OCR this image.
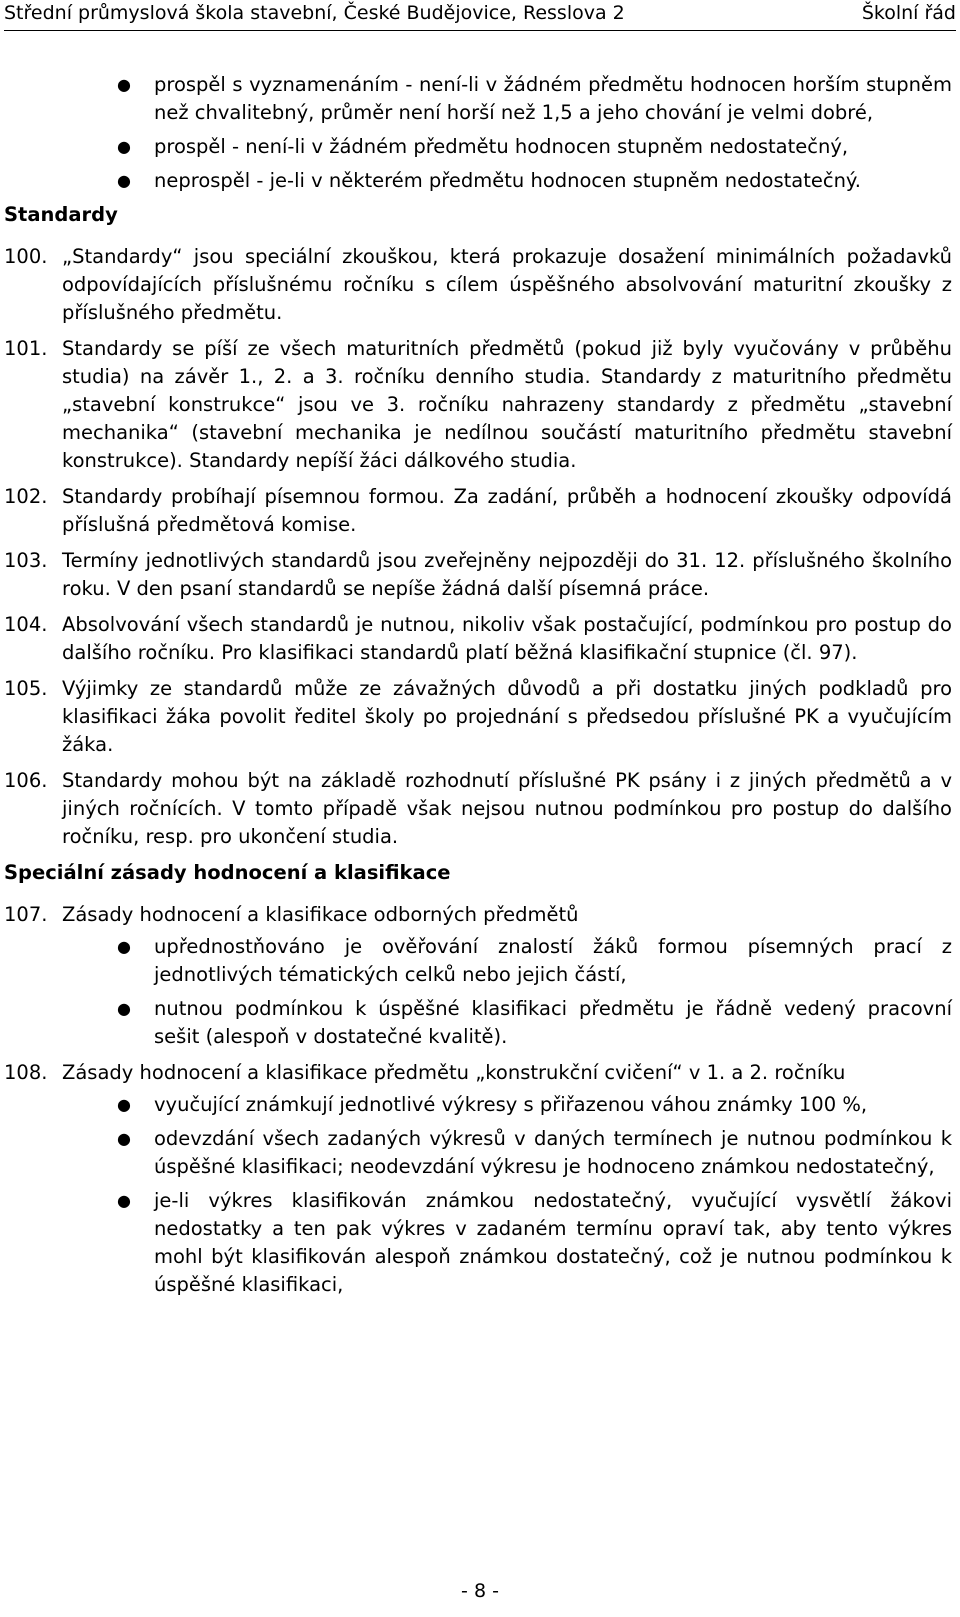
Střední průmyslová škola stavební, České Budějovice, Resslova 2	Školní řád
● prospěl s vyznamenáním - není-li v žádném předmětu hodnocen horším stupněm než chvalitebný, průměr není horší než 1,5 a jeho chování je velmi dobré,
● prospěl - není-li v žádném předmětu hodnocen stupněm nedostatečný,
● neprospěl - je-li v některém předmětu hodnocen stupněm nedostatečný.
Standardy
100. „Standardy“ jsou speciální zkouškou, která prokazuje dosažení minimálních požadavků odpovídajících příslušnému ročníku s cílem úspěšného absolvování maturitní zkoušky z příslušného předmětu.
101. Standardy se píší ze všech maturitních předmětů (pokud již byly vyučovány v průběhu studia) na závěr 1., 2. a 3. ročníku denního studia. Standardy z maturitního předmětu „stavební konstrukce“ jsou ve 3. ročníku nahrazeny standardy z předmětu „stavební mechanika“ (stavební mechanika je nedílnou součástí maturitního předmětu stavební konstrukce). Standardy nepíší žáci dálkového studia.
102. Standardy probíhají písemnou formou. Za zadání, průběh a hodnocení zkoušky odpovídá příslušná předmětová komise.
103. Termíny jednotlivých standardů jsou zveřejněny nejpozději do 31. 12. příslušného školního roku. V den psaní standardů se nepíše žádná další písemná práce.
104. Absolvování všech standardů je nutnou, nikoliv však postačující, podmínkou pro postup do dalšího ročníku. Pro klasifikaci standardů platí běžná klasifikační stupnice (čl. 97).
105. Výjimky ze standardů může ze závažných důvodů a při dostatku jiných podkladů pro klasifikaci žáka povolit ředitel školy po projednání s předsedou příslušné PK a vyučujícím žáka.
106. Standardy mohou být na základě rozhodnutí příslušné PK psány i z jiných předmětů a v jiných ročnících. V tomto případě však nejsou nutnou podmínkou pro postup do dalšího ročníku, resp. pro ukončení studia.
Speciální zásady hodnocení a klasifikace
107. Zásady hodnocení a klasifikace odborných předmětů
● upřednostňováno je ověřování znalostí žáků formou písemných prací z jednotlivých tématických celků nebo jejich částí,
● nutnou podmínkou k úspěšné klasifikaci předmětu je řádně vedený pracovní sešit (alespoň v dostatečné kvalitě).
108. Zásady hodnocení a klasifikace předmětu „konstrukční cvičení“ v 1. a 2. ročníku
● vyučující známkují jednotlivé výkresy s přiřazenou váhou známky 100 %,
● odevzdání všech zadaných výkresů v daných termínech je nutnou podmínkou k úspěšné klasifikaci; neodevzdání výkresu je hodnoceno známkou nedostatečný,
● je-li výkres klasifikován známkou nedostatečný, vyučující vysvětlí žákovi nedostatky a ten pak výkres v zadaném termínu opraví tak, aby tento výkres mohl být klasifikován alespoň známkou dostatečný, což je nutnou podmínkou k úspěšné klasifikaci,
- 8 -
